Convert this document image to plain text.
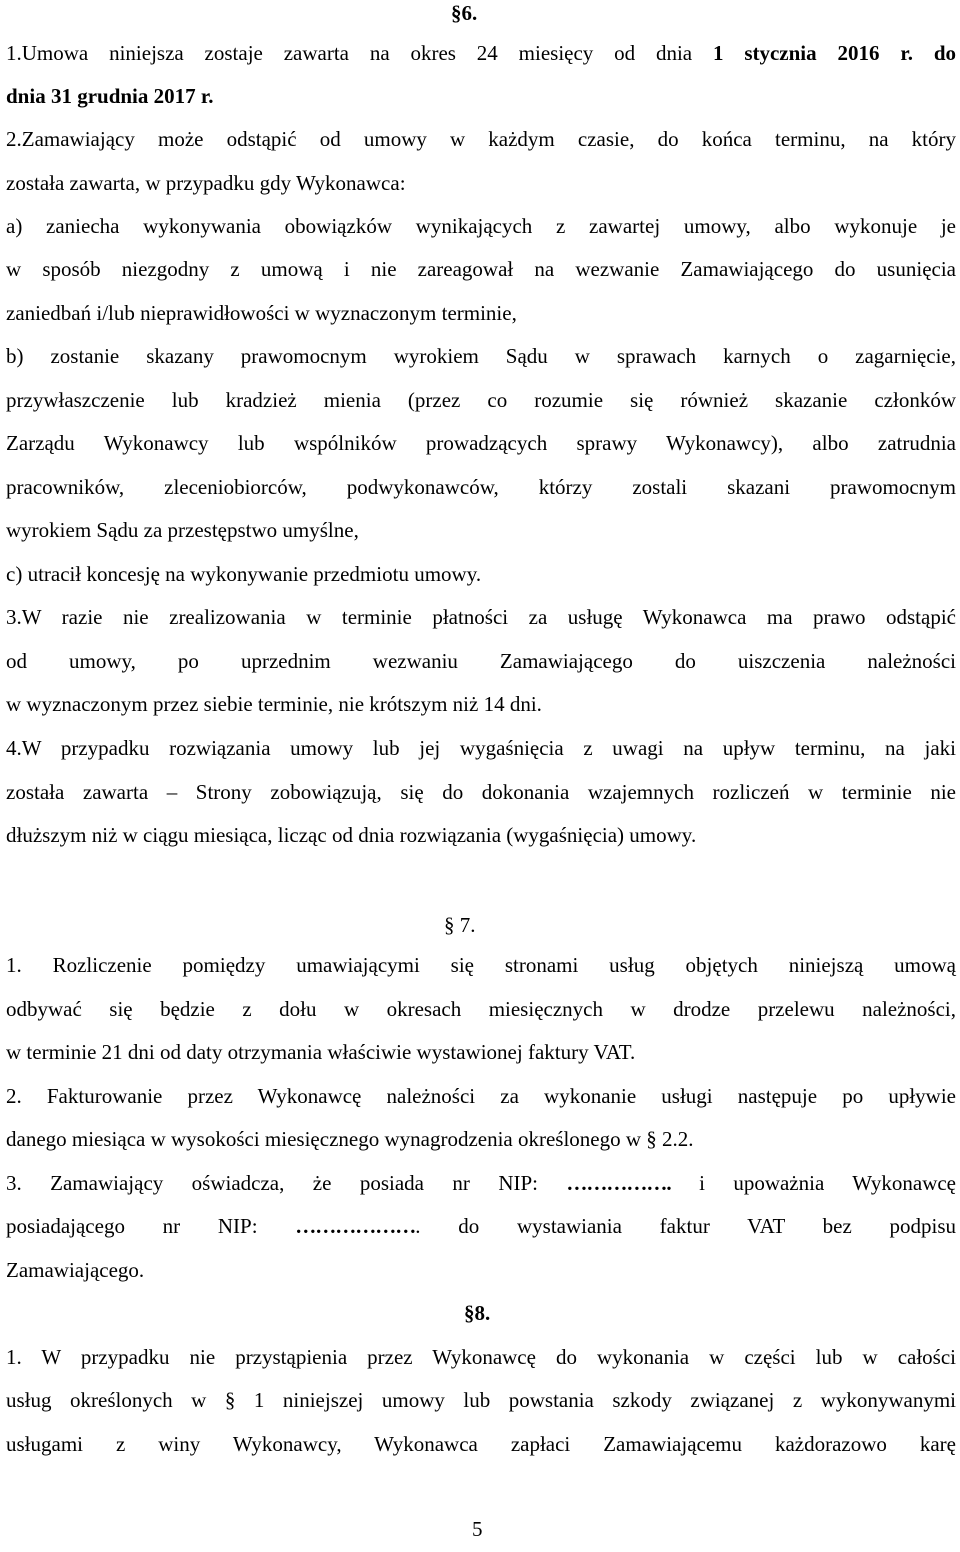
§6.
1.Umowa niniejsza zostaje zawarta na okres 24 miesięcy od dnia 1 stycznia 2016 r. do
dnia 31 grudnia 2017 r.
2.Zamawiający może odstąpić od umowy w każdym czasie, do końca terminu, na który
została zawarta, w przypadku gdy Wykonawca:
a) zaniecha wykonywania obowiązków wynikających z zawartej umowy, albo wykonuje je
w sposób niezgodny z umową i nie zareagował na wezwanie Zamawiającego do usunięcia
zaniedbań i/lub nieprawidłowości w wyznaczonym terminie,
b) zostanie skazany prawomocnym wyrokiem Sądu w sprawach karnych o zagarnięcie,
przywłaszczenie lub kradzież mienia (przez co rozumie się również skazanie członków
Zarządu Wykonawcy lub wspólników prowadzących sprawy Wykonawcy), albo zatrudnia
pracowników, zleceniobiorców, podwykonawców, którzy zostali skazani prawomocnym
wyrokiem Sądu za przestępstwo umyślne,
c) utracił koncesję na wykonywanie przedmiotu umowy.
3.W razie nie zrealizowania w terminie płatności za usługę Wykonawca ma prawo odstąpić
od umowy, po uprzednim wezwaniu Zamawiającego do uiszczenia należności
w wyznaczonym przez siebie terminie, nie krótszym niż 14 dni.
4.W przypadku rozwiązania umowy lub jej wygaśnięcia z uwagi na upływ terminu, na jaki
została zawarta – Strony zobowiązują, się do dokonania wzajemnych rozliczeń w terminie nie
dłuższym niż w ciągu miesiąca, licząc od dnia rozwiązania (wygaśnięcia) umowy.
§ 7.
1. Rozliczenie pomiędzy umawiającymi się stronami usług objętych niniejszą umową
odbywać się będzie z dołu w okresach miesięcznych w drodze przelewu należności,
w terminie 21 dni od daty otrzymania właściwie wystawionej faktury VAT.
2. Fakturowanie przez Wykonawcę należności za wykonanie usługi następuje po upływie
danego miesiąca w wysokości miesięcznego wynagrodzenia określonego w § 2.2.
3. Zamawiający oświadcza, że posiada nr NIP: ……………. i upoważnia Wykonawcę
posiadającego nr NIP: ………………. do wystawiania faktur VAT bez podpisu
Zamawiającego.
§8.
1. W przypadku nie przystąpienia przez Wykonawcę do wykonania w części lub w całości
usług określonych w § 1 niniejszej umowy lub powstania szkody związanej z wykonywanymi
usługami z winy Wykonawcy, Wykonawca zapłaci Zamawiającemu każdorazowo karę
5
